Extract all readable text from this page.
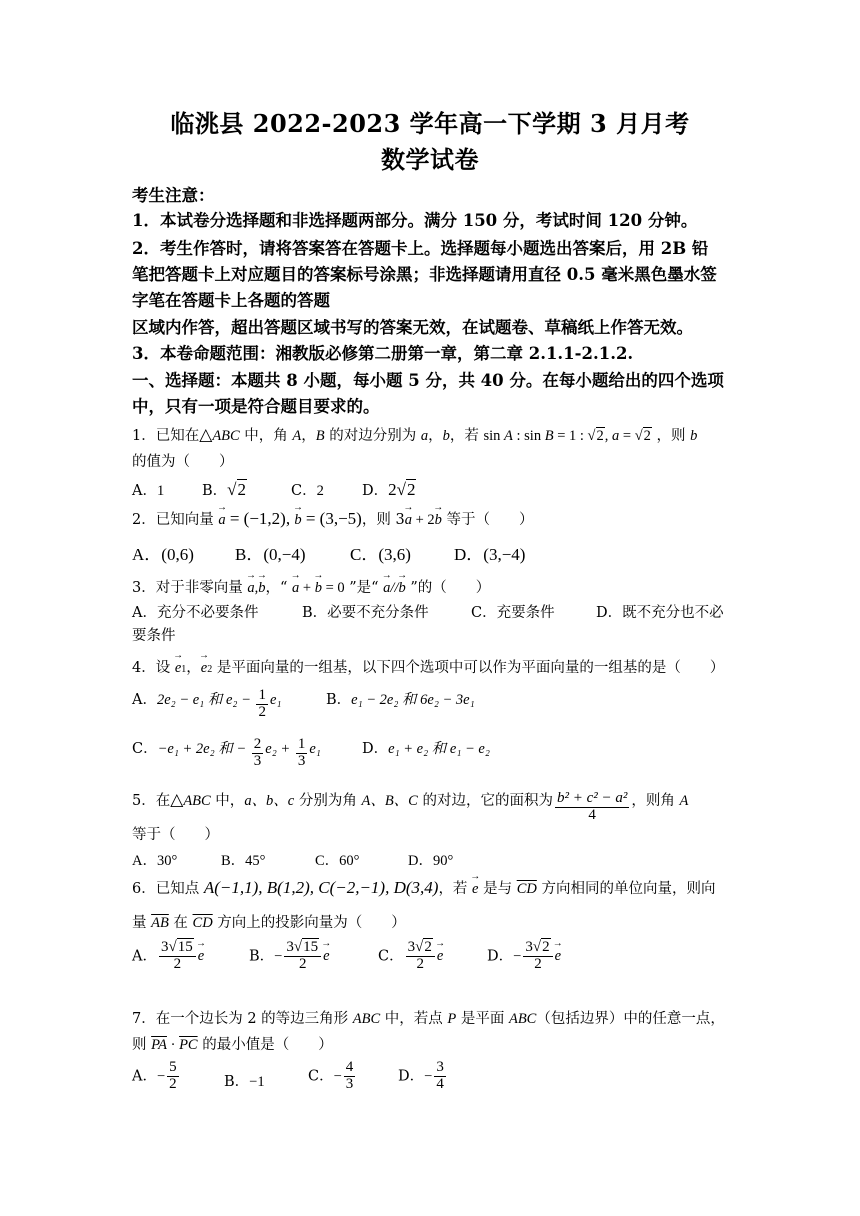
临洮县 2022-2023 学年高一下学期 3 月月考
数学试卷
考生注意：
1．本试卷分选择题和非选择题两部分。满分 150 分，考试时间 120 分钟。
2．考生作答时，请将答案答在答题卡上。选择题每小题选出答案后，用 2B 铅
笔把答题卡上对应题目的答案标号涂黑；非选择题请用直径 0.5 毫米黑色墨水签
字笔在答题卡上各题的答题
区域内作答，超出答题区域书写的答案无效，在试题卷、草稿纸上作答无效。
3．本卷命题范围：湘教版必修第二册第一章，第二章 2.1.1-2.1.2.
一、选择题：本题共 8 小题，每小题 5 分，共 40 分。在每小题给出的四个选项
中，只有一项是符合题目要求的。
1．已知在△ABC 中，角 A，B 的对边分别为 a，b，若 sin A : sin B = 1 : √2, a = √2 ，则 b
的值为（　　）
A．1	B．√2	C．2	D．2√2
2．已知向量 → a = (−1,2), → b = (3,−5)，则 3→ a + 2→ b 等于（　　）
A．(0,6) B．(0,−4)	C．(3,6)	D．(3,−4)
3．对于非零向量 → a,→ b，“ → a + → b = 0 ”是“ → a//→ b ”的（　　）
A．充分不必要条件	B．必要不充分条件	C．充要条件	D．既不充分也不必
要条件
4．设 → e1，→ e2 是平面向量的一组基，以下四个选项中可以作为平面向量的一组基的是（　　）
A．2e₂ − e₁ 和 $e_2 - \frac{1}{2} e_1$	B．e₁ − 2e₂ 和 6e₂ − 3e₁
C．−e₁ + 2e₂ 和 − $\frac{2}{3} e_2 + \frac{1}{3} e_1$	D．e₁ + e₂ 和 e₁ − e₂
5．在△ABC 中，a、b、c 分别为角 A、B、C 的对边，它的面积为 $\frac{\text{b² + c² − a²}}{4}$ ，则角 A
等于（　　）
A．30°	B．45°	C．60°	D．90°
6．已知点 A(−1,1), B(1,2), C(−2,−1), D(3,4)，若 → e 是与 $\overline{CD}$ 方向相同的单位向量，则向
量 $\overline{AB}$ 在 $\overline{CD}$ 方向上的投影向量为（　　）
A． $\frac{3√15}{2} \to e$	B．− $\frac{3√15}{2} \to e$	C． $\frac{3√2}{2} \to e$	D．− $\frac{3√2}{2} \to e$
7．在一个边长为 2 的等边三角形 ABC 中，若点 P 是平面 ABC（包括边界）中的任意一点，
则 $\overline{PA} \cdot \overline{PC}$ 的最小值是（　　）
A．− $\frac{5}{2}$	B．−1	C．− $\frac{4}{3}$	D．− $\frac{3}{4}$
